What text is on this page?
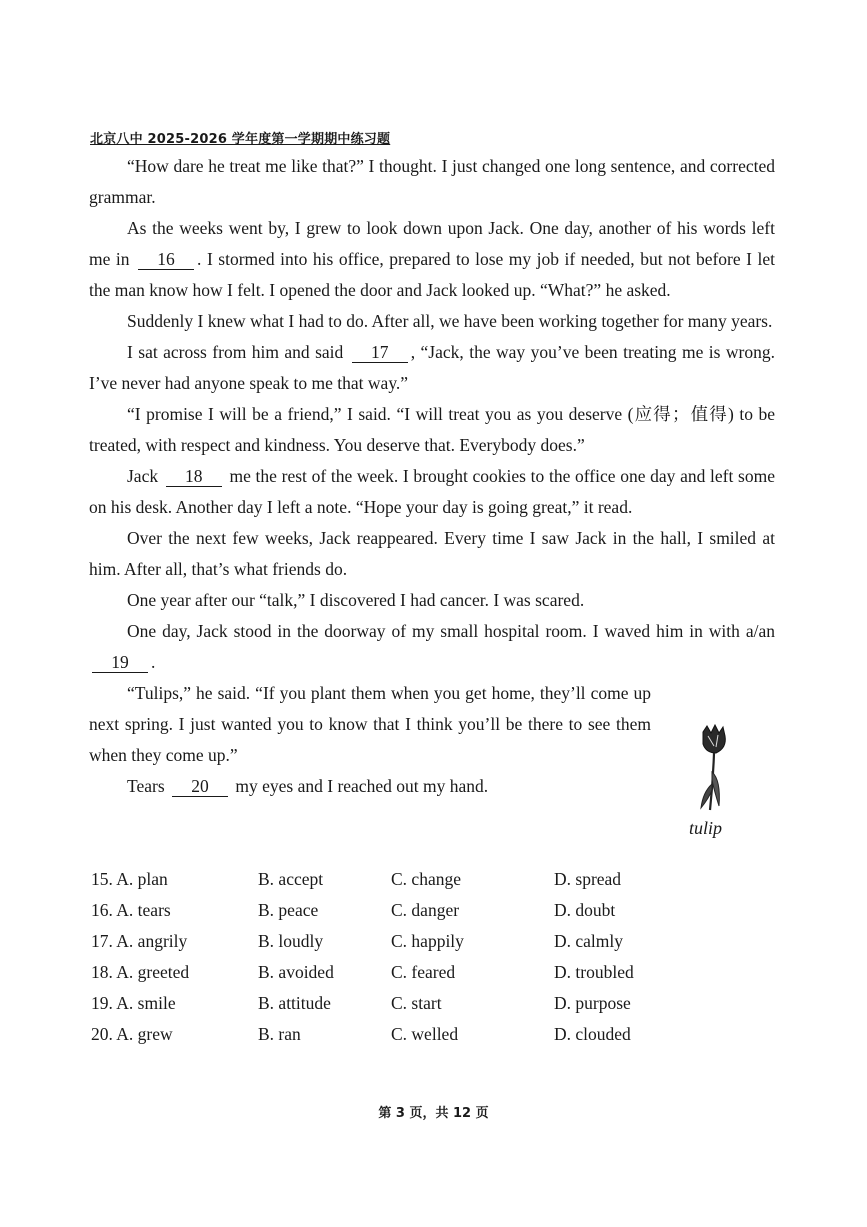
北京八中 2025-2026 学年度第一学期期中练习题

“How dare he treat me like that?” I thought. I just changed one long sentence, and corrected grammar.

As the weeks went by, I grew to look down upon Jack. One day, another of his words left me in 16 . I stormed into his office, prepared to lose my job if needed, but not before I let the man know how I felt. I opened the door and Jack looked up. “What?” he asked.

Suddenly I knew what I had to do. After all, we have been working together for many years.

I sat across from him and said 17 , “Jack, the way you’ve been treating me is wrong. I’ve never had anyone speak to me that way.”

“I promise I will be a friend,” I said. “I will treat you as you deserve (应得；值得) to be treated, with respect and kindness. You deserve that. Everybody does.”

Jack 18 me the rest of the week. I brought cookies to the office one day and left some on his desk. Another day I left a note. “Hope your day is going great,” it read.

Over the next few weeks, Jack reappeared. Every time I saw Jack in the hall, I smiled at him. After all, that’s what friends do.

One year after our “talk,” I discovered I had cancer. I was scared.

One day, Jack stood in the doorway of my small hospital room. I waved him in with a/an 19 .

“Tulips,” he said. “If you plant them when you get home, they’ll come up next spring. I just wanted you to know that I think you’ll be there to see them when they come up.”

Tears 20 my eyes and I reached out my hand.

tulip
15. A. plan	B. accept	C. change	D. spread
16. A. tears	B. peace	C. danger	D. doubt
17. A. angrily	B. loudly	C. happily	D. calmly
18. A. greeted	B. avoided	C. feared	D. troubled
19. A. smile	B. attitude	C. start	D. purpose
20. A. grew	B. ran	C. welled	D. clouded
第 3 页，共 12 页
